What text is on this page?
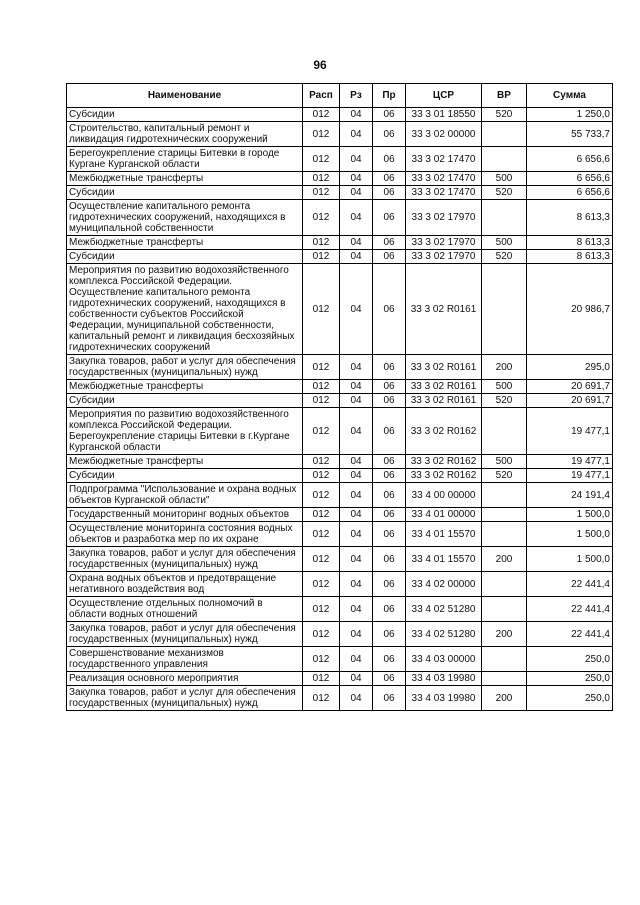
96
Наименование	Расп	Рз	Пр	ЦСР	ВР	Сумма
Субсидии	012	04	06	33 3 01 18550	520	1 250,0
Строительство, капитальный ремонт и ликвидация гидротехнических сооружений	012	04	06	33 3 02 00000		55 733,7
Берегоукрепление старицы Битевки в городе Кургане Курганской области	012	04	06	33 3 02 17470		6 656,6
Межбюджетные трансферты	012	04	06	33 3 02 17470	500	6 656,6
Субсидии	012	04	06	33 3 02 17470	520	6 656,6
Осуществление капитального ремонта гидротехнических сооружений, находящихся в муниципальной собственности	012	04	06	33 3 02 17970		8 613,3
Межбюджетные трансферты	012	04	06	33 3 02 17970	500	8 613,3
Субсидии	012	04	06	33 3 02 17970	520	8 613,3
Мероприятия по развитию водохозяйственного комплекса Российской Федерации. Осуществление капитального ремонта гидротехнических сооружений, находящихся в собственности субъектов Российской Федерации, муниципальной собственности, капитальный ремонт и ликвидация бесхозяйных гидротехнических сооружений	012	04	06	33 3 02 R0161		20 986,7
Закупка товаров, работ и услуг для обеспечения государственных (муниципальных) нужд	012	04	06	33 3 02 R0161	200	295,0
Межбюджетные трансферты	012	04	06	33 3 02 R0161	500	20 691,7
Субсидии	012	04	06	33 3 02 R0161	520	20 691,7
Мероприятия по развитию водохозяйственного комплекса Российской Федерации. Берегоукрепление старицы Битевки в г.Кургане Курганской области	012	04	06	33 3 02 R0162		19 477,1
Межбюджетные трансферты	012	04	06	33 3 02 R0162	500	19 477,1
Субсидии	012	04	06	33 3 02 R0162	520	19 477,1
Подпрограмма "Использование и охрана водных объектов Курганской области"	012	04	06	33 4 00 00000		24 191,4
Государственный мониторинг водных объектов	012	04	06	33 4 01 00000		1 500,0
Осуществление мониторинга состояния водных объектов и разработка мер по их охране	012	04	06	33 4 01 15570		1 500,0
Закупка товаров, работ и услуг для обеспечения государственных (муниципальных) нужд	012	04	06	33 4 01 15570	200	1 500,0
Охрана водных объектов и предотвращение негативного воздействия вод	012	04	06	33 4 02 00000		22 441,4
Осуществление отдельных полномочий в области водных отношений	012	04	06	33 4 02 51280		22 441,4
Закупка товаров, работ и услуг для обеспечения государственных (муниципальных) нужд	012	04	06	33 4 02 51280	200	22 441,4
Совершенствование механизмов государственного управления	012	04	06	33 4 03 00000		250,0
Реализация основного мероприятия	012	04	06	33 4 03 19980		250,0
Закупка товаров, работ и услуг для обеспечения государственных (муниципальных) нужд	012	04	06	33 4 03 19980	200	250,0
